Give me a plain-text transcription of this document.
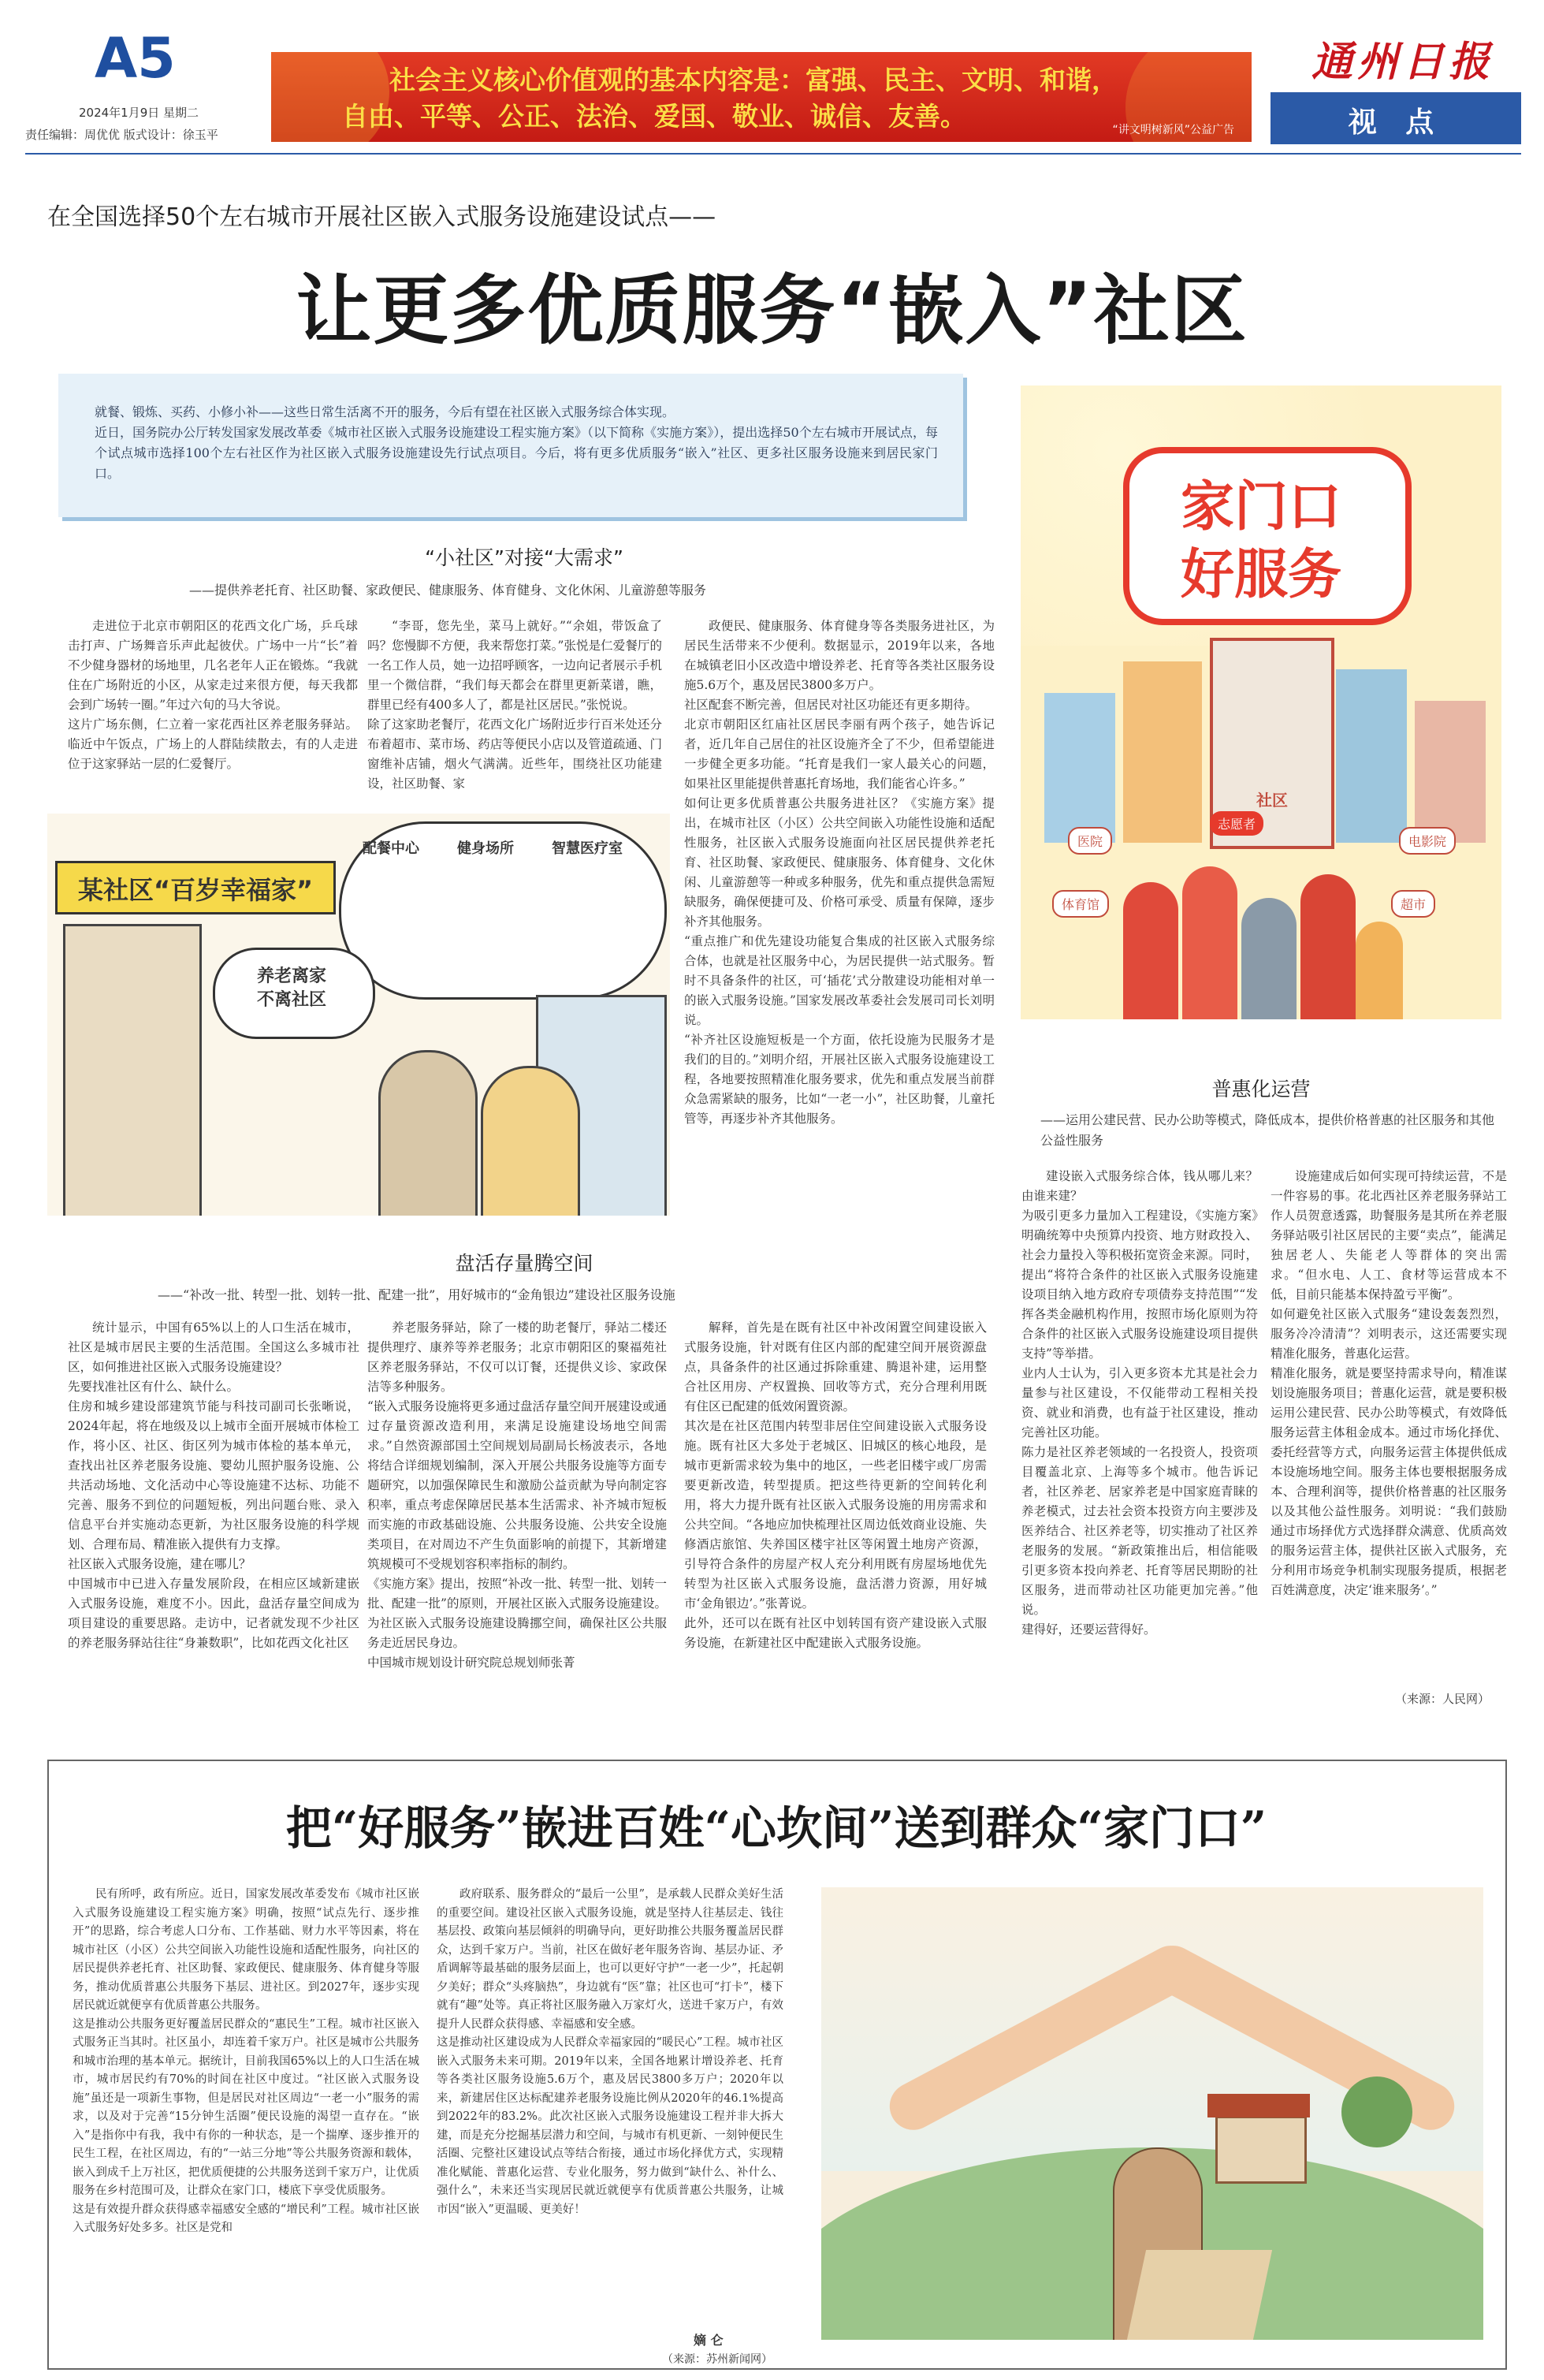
A5
2024年1月9日 星期二
责任编辑：周优优 版式设计：徐玉平
社会主义核心价值观的基本内容是：富强、民主、文明、和谐，
自由、平等、公正、法治、爱国、敬业、诚信、友善。	“讲文明树新风”公益广告
通州日报
视 点
在全国选择50个左右城市开展社区嵌入式服务设施建设试点——
让更多优质服务“嵌入”社区
就餐、锻炼、买药、小修小补——这些日常生活离不开的服务，今后有望在社区嵌入式服务综合体实现。
近日，国务院办公厅转发国家发展改革委《城市社区嵌入式服务设施建设工程实施方案》（以下简称《实施方案》），提出选择50个左右城市开展试点，每个试点城市选择100个左右社区作为社区嵌入式服务设施建设先行试点项目。今后，将有更多优质服务“嵌入”社区、更多社区服务设施来到居民家门口。
家门口
好服务
社区
医院
志愿者
体育馆	超市
电影院
“小社区”对接“大需求”
——提供养老托育、社区助餐、家政便民、健康服务、体育健身、文化休闲、儿童游憩等服务

走进位于北京市朝阳区的花西文化广场，乒乓球击打声、广场舞音乐声此起彼伏。广场中一片“长”着不少健身器材的场地里，几名老年人正在锻炼。“我就住在广场附近的小区，从家走过来很方便，每天我都会到广场转一圈。”年过六旬的马大爷说。
这片广场东侧，仁立着一家花西社区养老服务驿站。临近中午饭点，广场上的人群陆续散去，有的人走进位于这家驿站一层的仁爱餐厅。

“李哥，您先坐，菜马上就好。”“余姐，带饭盒了吗？您慢脚不方便，我来帮您打菜。”张悦是仁爱餐厅的一名工作人员，她一边招呼顾客，一边向记者展示手机里一个微信群，“我们每天都会在群里更新菜谱，瞧，群里已经有400多人了，都是社区居民。”张悦说。
除了这家助老餐厅，花西文化广场附近步行百米处还分布着超市、菜市场、药店等便民小店以及管道疏通、门窗维补店铺，烟火气满满。近些年，围绕社区功能建设，社区助餐、家

政便民、健康服务、体育健身等各类服务进社区，为居民生活带来不少便利。数据显示，2019年以来，各地在城镇老旧小区改造中增设养老、托育等各类社区服务设施5.6万个，惠及居民3800多万户。
社区配套不断完善，但居民对社区功能还有更多期待。
北京市朝阳区红庙社区居民李丽有两个孩子，她告诉记者，近几年自己居住的社区设施齐全了不少，但希望能进一步健全更多功能。“托育是我们一家人最关心的问题，如果社区里能提供普惠托育场地，我们能省心许多。”
如何让更多优质普惠公共服务进社区？《实施方案》提出，在城市社区（小区）公共空间嵌入功能性设施和适配性服务，社区嵌入式服务设施面向社区居民提供养老托育、社区助餐、家政便民、健康服务、体育健身、文化休闲、儿童游憩等一种或多种服务，优先和重点提供急需短缺服务，确保便捷可及、价格可承受、质量有保障，逐步补齐其他服务。
“重点推广和优先建设功能复合集成的社区嵌入式服务综合体，也就是社区服务中心，为居民提供一站式服务。暂时不具备条件的社区，可‘插花’式分散建设功能相对单一的嵌入式服务设施。”国家发展改革委社会发展司司长刘明说。
“补齐社区设施短板是一个方面，依托设施为民服务才是我们的目的。”刘明介绍，开展社区嵌入式服务设施建设工程，各地要按照精准化服务要求，优先和重点发展当前群众急需紧缺的服务，比如“一老一小”，社区助餐，儿童托管等，再逐步补齐其他服务。

某社区“百岁幸福家”
配餐中心	健身场所	智慧医疗室
养老离家
不离社区
盘活存量腾空间
——“补改一批、转型一批、划转一批、配建一批”，用好城市的“金角银边”建设社区服务设施

统计显示，中国有65%以上的人口生活在城市，社区是城市居民主要的生活范围。全国这么多城市社区，如何推进社区嵌入式服务设施建设？
先要找准社区有什么、缺什么。
住房和城乡建设部建筑节能与科技司副司长张晰说，2024年起，将在地级及以上城市全面开展城市体检工作，将小区、社区、街区列为城市体检的基本单元，查找出社区养老服务设施、婴幼儿照护服务设施、公共活动场地、文化活动中心等设施建不达标、功能不完善、服务不到位的问题短板，列出问题台账、录入信息平台并实施动态更新，为社区服务设施的科学规划、合理布局、精准嵌入提供有力支撑。
社区嵌入式服务设施，建在哪儿？
中国城市中已进入存量发展阶段，在相应区域新建嵌入式服务设施，难度不小。因此，盘活存量空间成为项目建设的重要思路。走访中，记者就发现不少社区的养老服务驿站往往“身兼数职”，比如花西文化社区

养老服务驿站，除了一楼的助老餐厅，驿站二楼还提供理疗、康养等养老服务；北京市朝阳区的聚福苑社区养老服务驿站，不仅可以订餐，还提供义诊、家政保洁等多种服务。
“嵌入式服务设施将更多通过盘活存量空间开展建设或通过存量资源改造利用，来满足设施建设场地空间需求。”自然资源部国土空间规划局副局长杨波表示，各地将结合详细规划编制，深入开展公共服务设施等方面专题研究，以加强保障民生和激励公益贡献为导向制定容积率，重点考虑保障居民基本生活需求、补齐城市短板而实施的市政基础设施、公共服务设施、公共安全设施类项目，在对周边不产生负面影响的前提下，其新增建筑规模可不受规划容积率指标的制约。
《实施方案》提出，按照“补改一批、转型一批、划转一批、配建一批”的原则，开展社区嵌入式服务设施建设。为社区嵌入式服务设施建设腾挪空间，确保社区公共服务走近居民身边。
中国城市规划设计研究院总规划师张菁

解释，首先是在既有社区中补改闲置空间建设嵌入式服务设施，针对既有住区内部的配建空间开展资源盘点，具备条件的社区通过拆除重建、腾退补建，运用整合社区用房、产权置换、回收等方式，充分合理利用既有住区已配建的低效闲置资源。
其次是在社区范围内转型非居住空间建设嵌入式服务设施。既有社区大多处于老城区、旧城区的核心地段，是城市更新需求较为集中的地区，一些老旧楼宇或厂房需要更新改造，转型提质。把这些待更新的空间转化利用，将大力提升既有社区嵌入式服务设施的用房需求和公共空间。“各地应加快梳理社区周边低效商业设施、失修酒店旅馆、失养国区楼宇社区等闲置土地房产资源，引导符合条件的房屋产权人充分利用既有房屋场地优先转型为社区嵌入式服务设施，盘活潜力资源，用好城市‘金角银边’。”张菁说。
此外，还可以在既有社区中划转国有资产建设嵌入式服务设施，在新建社区中配建嵌入式服务设施。

普惠化运营
——运用公建民营、民办公助等模式，降低成本，提供价格普惠的社区服务和其他公益性服务

建设嵌入式服务综合体，钱从哪儿来？由谁来建？
为吸引更多力量加入工程建设，《实施方案》明确统筹中央预算内投资、地方财政投入、社会力量投入等积极拓宽资金来源。同时，提出“将符合条件的社区嵌入式服务设施建设项目纳入地方政府专项债券支持范围”“发挥各类金融机构作用，按照市场化原则为符合条件的社区嵌入式服务设施建设项目提供支持”等举措。
业内人士认为，引入更多资本尤其是社会力量参与社区建设，不仅能带动工程相关投资、就业和消费，也有益于社区建设，推动完善社区功能。
陈力是社区养老领域的一名投资人，投资项目覆盖北京、上海等多个城市。他告诉记者，社区养老、居家养老是中国家庭青睐的养老模式，过去社会资本投资方向主要涉及医养结合、社区养老等，切实推动了社区养老服务的发展。“新政策推出后，相信能吸引更多资本投向养老、托育等居民期盼的社区服务，进而带动社区功能更加完善。”他说。
建得好，还要运营得好。

设施建成后如何实现可持续运营，不是一件容易的事。花北西社区养老服务驿站工作人员贺意透露，助餐服务是其所在养老服务驿站吸引社区居民的主要“卖点”，能满足独居老人、失能老人等群体的突出需求。“但水电、人工、食材等运营成本不低，目前只能基本保持盈亏平衡”。
如何避免社区嵌入式服务“建设轰轰烈烈，服务冷冷清清”？刘明表示，这还需要实现精准化服务，普惠化运营。
精准化服务，就是要坚持需求导向，精准谋划设施服务项目；普惠化运营，就是要积极运用公建民营、民办公助等模式，有效降低服务运营主体租金成本。通过市场化择优、委托经营等方式，向服务运营主体提供低成本设施场地空间。服务主体也要根据服务成本、合理利润等，提供价格普惠的社区服务以及其他公益性服务。刘明说：“我们鼓励通过市场择优方式选择群众满意、优质高效的服务运营主体，提供社区嵌入式服务，充分利用市场竞争机制实现服务提质，根据老百姓满意度，决定‘谁来服务’。”

（来源：人民网）
把“好服务”嵌进百姓“心坎间”送到群众“家门口”

民有所呼，政有所应。近日，国家发展改革委发布《城市社区嵌入式服务设施建设工程实施方案》明确，按照“试点先行、逐步推开”的思路，综合考虑人口分布、工作基础、财力水平等因素，将在城市社区（小区）公共空间嵌入功能性设施和适配性服务，向社区的居民提供养老托育、社区助餐、家政便民、健康服务、体育健身等服务，推动优质普惠公共服务下基层、进社区。到2027年，逐步实现居民就近就便享有优质普惠公共服务。
这是推动公共服务更好覆盖居民群众的“惠民生”工程。城市社区嵌入式服务正当其时。社区虽小，却连着千家万户。社区是城市公共服务和城市治理的基本单元。据统计，目前我国65%以上的人口生活在城市，城市居民约有70%的时间在社区中度过。“社区嵌入式服务设施”虽还是一项新生事物，但是居民对社区周边“一老一小”服务的需求，以及对于完善“15分钟生活圈”便民设施的渴望一直存在。“嵌入”是指你中有我，我中有你的一种状态，是一个揣摩、逐步推开的民生工程，在社区周边，有的“一站三分地”等公共服务资源和载体，嵌入到成千上万社区，把优质便捷的公共服务送到千家万户，让优质服务在乡村范围可及，让群众在家门口，楼底下享受优质服务。
这是有效提升群众获得感幸福感安全感的“增民利”工程。城市社区嵌入式服务好处多多。社区是党和

政府联系、服务群众的“最后一公里”，是承载人民群众美好生活的重要空间。建设社区嵌入式服务设施，就是坚持人往基层走、钱往基层投、政策向基层倾斜的明确导向，更好助推公共服务覆盖居民群众，达到千家万户。当前，社区在做好老年服务咨询、基层办证、矛盾调解等最基础的服务层面上，也可以更好守护“一老一少”，托起朝夕美好；群众“头疼脑热”，身边就有“医”靠；社区也可“打卡”，楼下就有“趣”处等。真正将社区服务融入万家灯火，送进千家万户，有效提升人民群众获得感、幸福感和安全感。
这是推动社区建设成为人民群众幸福家园的“暖民心”工程。城市社区嵌入式服务未来可期。2019年以来，全国各地累计增设养老、托育等各类社区服务设施5.6万个，惠及居民3800多万户；2020年以来，新建居住区达标配建养老服务设施比例从2020年的46.1%提高到2022年的83.2%。此次社区嵌入式服务设施建设工程并非大拆大建，而是充分挖掘基层潜力和空间，与城市有机更新、一刻钟便民生活圈、完整社区建设试点等结合衔接，通过市场化择优方式，实现精准化赋能、普惠化运营、专业化服务，努力做到“缺什么、补什么、强什么”，未来还当实现居民就近就便享有优质普惠公共服务，让城市因“嵌入”更温暖、更美好！

嫡 仑
（来源：苏州新闻网）
